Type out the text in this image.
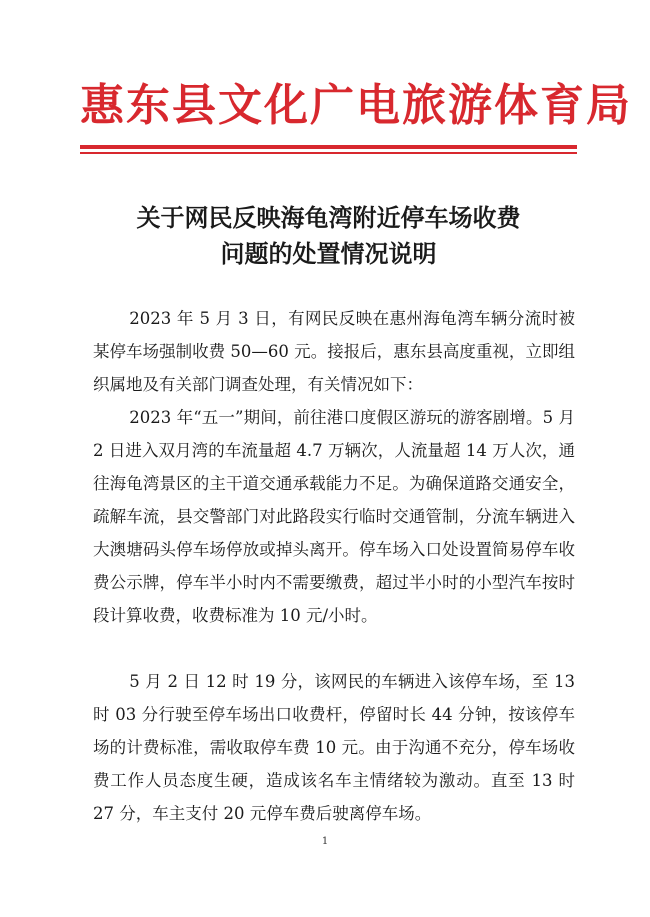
惠东县文化广电旅游体育局
关于网民反映海龟湾附近停车场收费
问题的处置情况说明
2023 年 5 月 3 日，有网民反映在惠州海龟湾车辆分流时被某停车场强制收费 50—60 元。接报后，惠东县高度重视，立即组织属地及有关部门调查处理，有关情况如下：
2023 年“五一”期间，前往港口度假区游玩的游客剧增。5 月 2 日进入双月湾的车流量超 4.7 万辆次，人流量超 14 万人次，通往海龟湾景区的主干道交通承载能力不足。为确保道路交通安全，疏解车流，县交警部门对此路段实行临时交通管制，分流车辆进入大澳塘码头停车场停放或掉头离开。停车场入口处设置简易停车收费公示牌，停车半小时内不需要缴费，超过半小时的小型汽车按时段计算收费，收费标准为 10 元/小时。
5 月 2 日 12 时 19 分，该网民的车辆进入该停车场，至 13 时 03 分行驶至停车场出口收费杆，停留时长 44 分钟，按该停车场的计费标准，需收取停车费 10 元。由于沟通不充分，停车场收费工作人员态度生硬，造成该名车主情绪较为激动。直至 13 时 27 分，车主支付 20 元停车费后驶离停车场。
1
